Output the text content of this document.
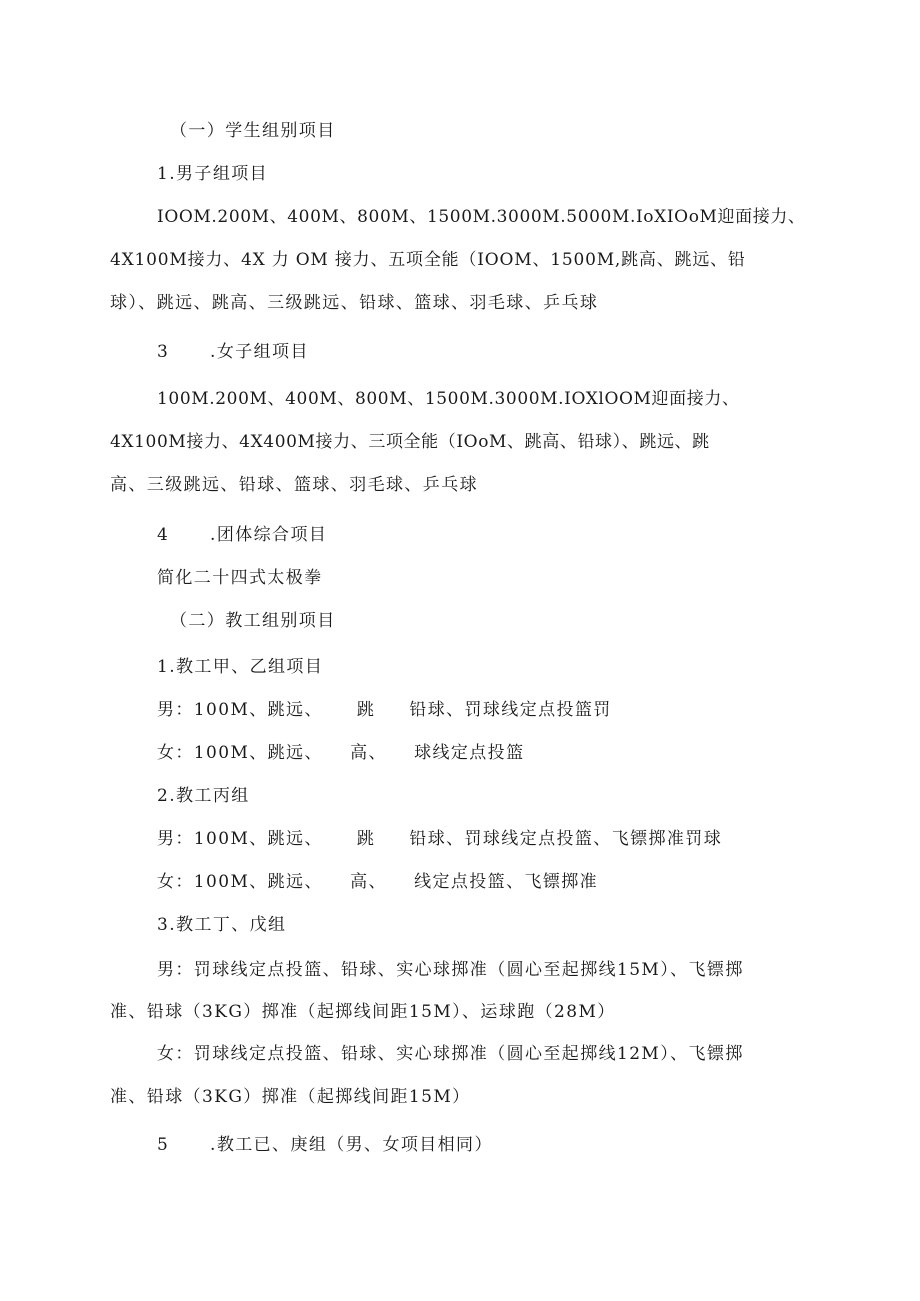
（一）学生组别项目
1.男子组项目
IOOM.200M、400M、800M、1500M.3000M.5000M.IoXIOoM迎面接力、
4X100M接力、4X 力 OM 接力、五项全能（IOOM、1500M,跳高、跳远、铅
球）、跳远、跳高、三级跳远、铅球、篮球、羽毛球、乒乓球
3      .女子组项目
100M.200M、400M、800M、1500M.3000M.IOXlOOM迎面接力、
4X100M接力、4X400M接力、三项全能（IOoM、跳高、铅球）、跳远、跳
高、三级跳远、铅球、篮球、羽毛球、乒乓球
4      .团体综合项目
简化二十四式太极拳
（二）教工组别项目
1.教工甲、乙组项目
男：100M、跳远、     跳     铅球、罚球线定点投篮罚
女：100M、跳远、    高、    球线定点投篮
2.教工丙组
男：100M、跳远、     跳     铅球、罚球线定点投篮、飞镖掷准罚球
女：100M、跳远、    高、    线定点投篮、飞镖掷准
3.教工丁、戊组
男：罚球线定点投篮、铅球、实心球掷准（圆心至起掷线15M）、飞镖掷
准、铅球（3KG）掷准（起掷线间距15M）、运球跑（28M）
女：罚球线定点投篮、铅球、实心球掷准（圆心至起掷线12M）、飞镖掷
准、铅球（3KG）掷准（起掷线间距15M）
5      .教工已、庚组（男、女项目相同）
